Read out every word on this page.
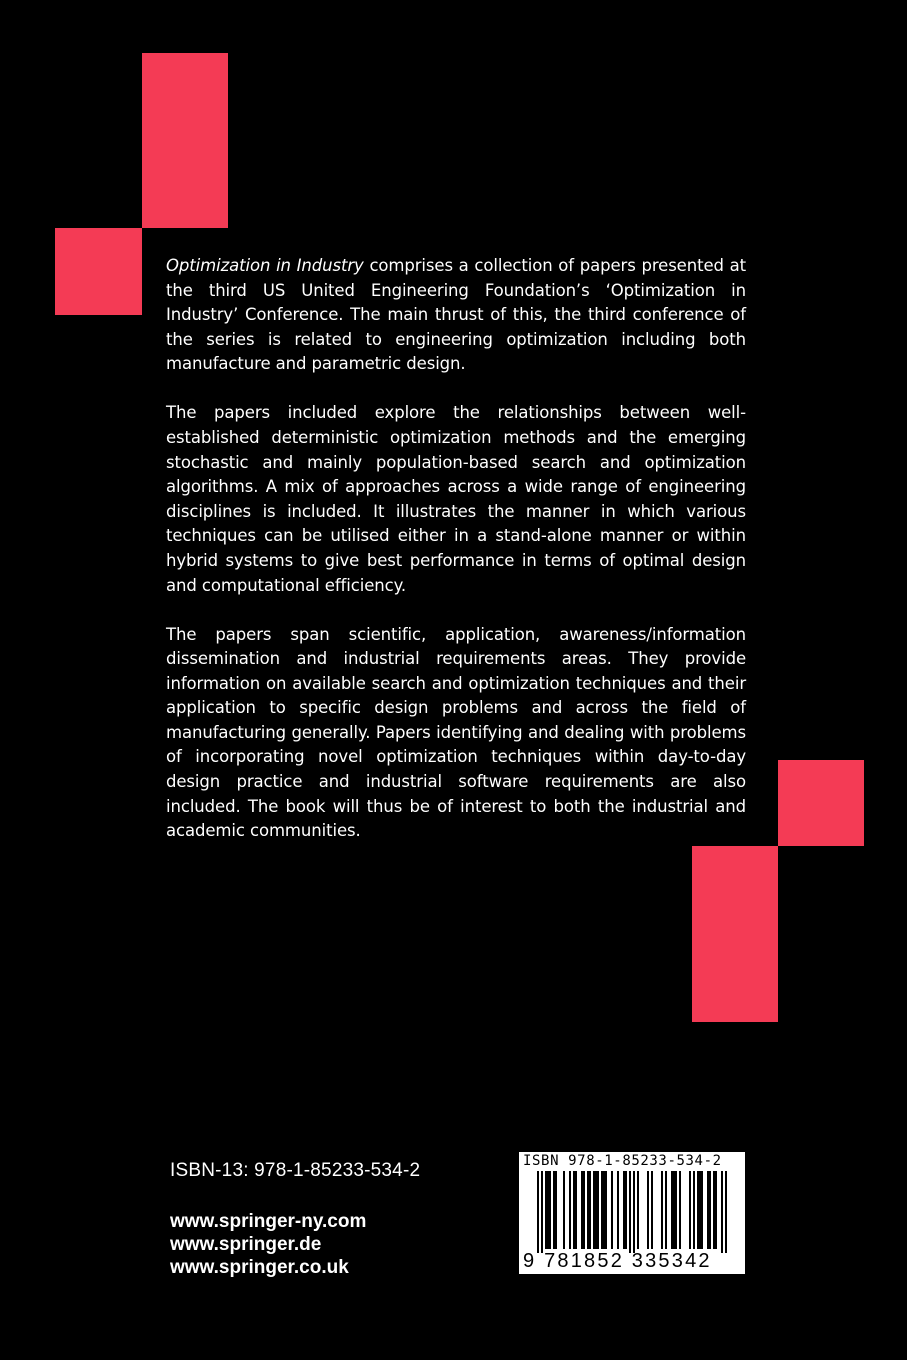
Optimization in Industry comprises a collection of papers presented at the third US United Engineering Foundation’s ‘Optimization in Industry’ Conference. The main thrust of this, the third conference of the series is related to engineering optimization including both manufacture and parametric design.

The papers included explore the relationships between well-established deterministic optimization methods and the emerging stochastic and mainly population-based search and optimization algorithms. A mix of approaches across a wide range of engineering disciplines is included. It illustrates the manner in which various techniques can be utilised either in a stand-alone manner or within hybrid systems to give best performance in terms of optimal design and computational efficiency.

The papers span scientific, application, awareness/information dissemination and industrial requirements areas. They provide information on available search and optimization techniques and their application to specific design problems and across the field of manufacturing generally. Papers identifying and dealing with problems of incorporating novel optimization techniques within day-to-day design practice and industrial software requirements are also included. The book will thus be of interest to both the industrial and academic communities.

ISBN-13: 978-1-85233-534-2
www.springer-ny.com
www.springer.de
www.springer.co.uk
ISBN 978-1-85233-534-2
9 781852 335342
